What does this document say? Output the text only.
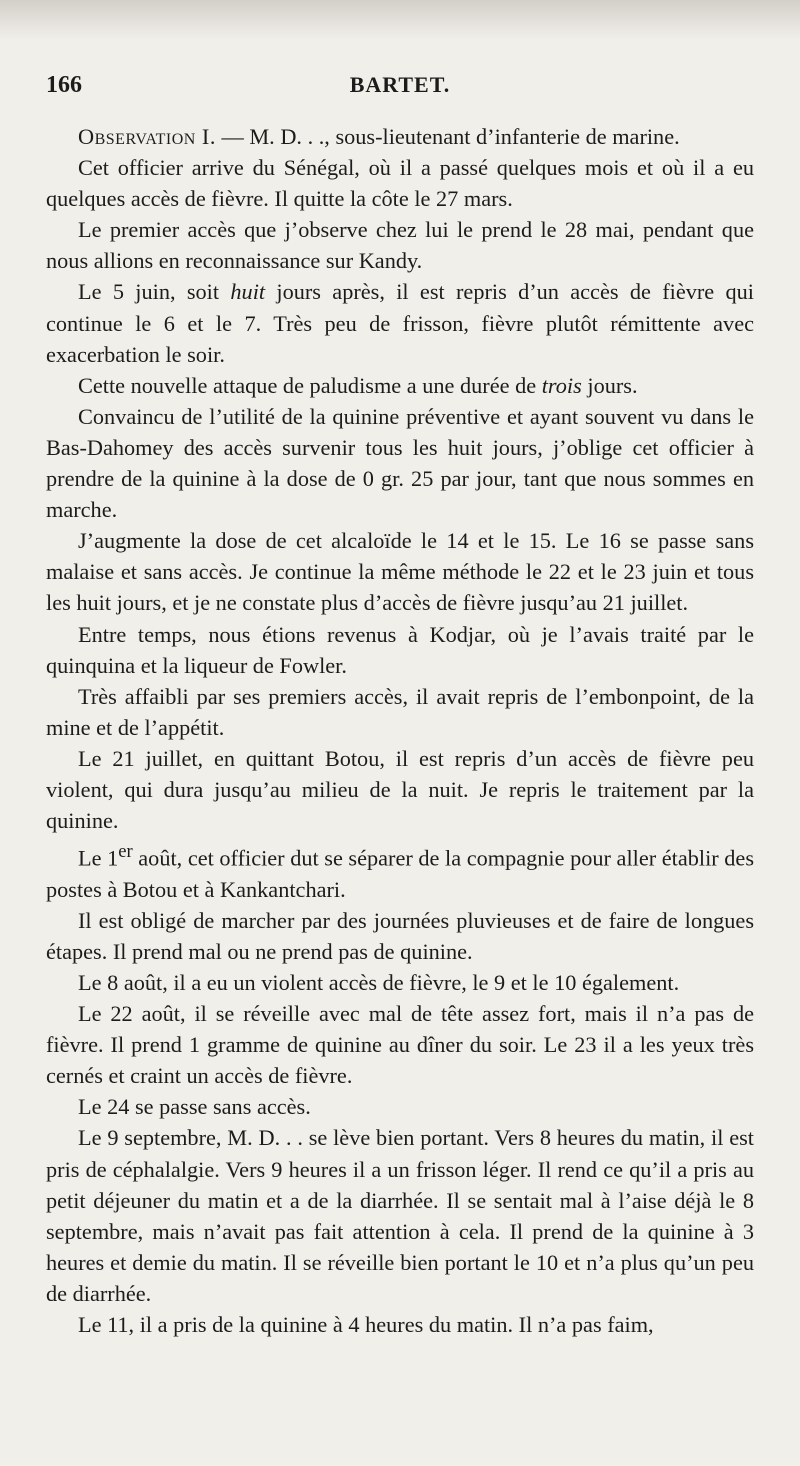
166	BARTET.

Observation I. — M. D. . ., sous-lieutenant d’infanterie de marine.

Cet officier arrive du Sénégal, où il a passé quelques mois et où il a eu quelques accès de fièvre. Il quitte la côte le 27 mars.

Le premier accès que j’observe chez lui le prend le 28 mai, pendant que nous allions en reconnaissance sur Kandy.

Le 5 juin, soit huit jours après, il est repris d’un accès de fièvre qui continue le 6 et le 7. Très peu de frisson, fièvre plutôt rémittente avec exacerbation le soir.

Cette nouvelle attaque de paludisme a une durée de trois jours.

Convaincu de l’utilité de la quinine préventive et ayant souvent vu dans le Bas-Dahomey des accès survenir tous les huit jours, j’oblige cet officier à prendre de la quinine à la dose de 0 gr. 25 par jour, tant que nous sommes en marche.

J’augmente la dose de cet alcaloïde le 14 et le 15. Le 16 se passe sans malaise et sans accès. Je continue la même méthode le 22 et le 23 juin et tous les huit jours, et je ne constate plus d’accès de fièvre jusqu’au 21 juillet.

Entre temps, nous étions revenus à Kodjar, où je l’avais traité par le quinquina et la liqueur de Fowler.

Très affaibli par ses premiers accès, il avait repris de l’embonpoint, de la mine et de l’appétit.

Le 21 juillet, en quittant Botou, il est repris d’un accès de fièvre peu violent, qui dura jusqu’au milieu de la nuit. Je repris le traitement par la quinine.

Le 1er août, cet officier dut se séparer de la compagnie pour aller établir des postes à Botou et à Kankantchari.

Il est obligé de marcher par des journées pluvieuses et de faire de longues étapes. Il prend mal ou ne prend pas de quinine.

Le 8 août, il a eu un violent accès de fièvre, le 9 et le 10 également.

Le 22 août, il se réveille avec mal de tête assez fort, mais il n’a pas de fièvre. Il prend 1 gramme de quinine au dîner du soir. Le 23 il a les yeux très cernés et craint un accès de fièvre.

Le 24 se passe sans accès.

Le 9 septembre, M. D. . . se lève bien portant. Vers 8 heures du matin, il est pris de céphalalgie. Vers 9 heures il a un frisson léger. Il rend ce qu’il a pris au petit déjeuner du matin et a de la diarrhée. Il se sentait mal à l’aise déjà le 8 septembre, mais n’avait pas fait attention à cela. Il prend de la quinine à 3 heures et demie du matin. Il se réveille bien portant le 10 et n’a plus qu’un peu de diarrhée.

Le 11, il a pris de la quinine à 4 heures du matin. Il n’a pas faim,
